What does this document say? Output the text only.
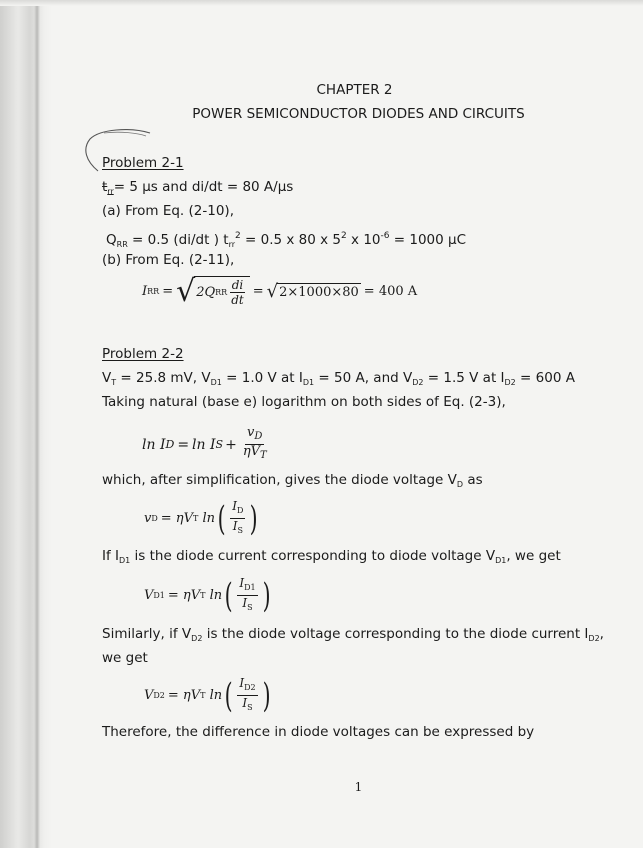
CHAPTER 2
POWER SEMICONDUCTOR DIODES AND CIRCUITS
Problem 2-1
$t_{rr}= 5$ µs and di/dt = 80 A/µs
(a) From Eq. (2-10),
$Q_{RR} = 0.5$ (di/dt ) $t_{rr}^2 = 0.5$ x 80 x $5^2$ x $10^{-6} = 1000$ µC
(b) From Eq. (2-11),
I RR = √ 2Q RR $\frac{di}{dt}$ = √ 2×1000×80 = 400 A
Problem 2-2
$V_T = 25.8$ mV, $V_{D1} = 1.0$ V at $I_{D1} = 50$ A, and $V_{D2} = 1.5$ V at $I_{D2} = 600$ A
Taking natural (base e) logarithm on both sides of Eq. (2-3),
ln
I D = ln
I $S + \frac{v_D}{\eta V_T}$
which, after simplification, gives the diode voltage $V_D$ as
v D = ηV T
ln ( $\frac{I_D}{I_S}$ )
If $I_{D1}$ is the diode current corresponding to diode voltage $V_{D1}$, we get
V D1 = ηV T
ln ( $\frac{I_{D1}}{I_S}$ )
Similarly, if $V_{D2}$ is the diode voltage corresponding to the diode current $I_{D2}$,
we get
V D2 = ηV T
ln ( $\frac{I_{D2}}{I_S}$ )
Therefore, the difference in diode voltages can be expressed by
1
